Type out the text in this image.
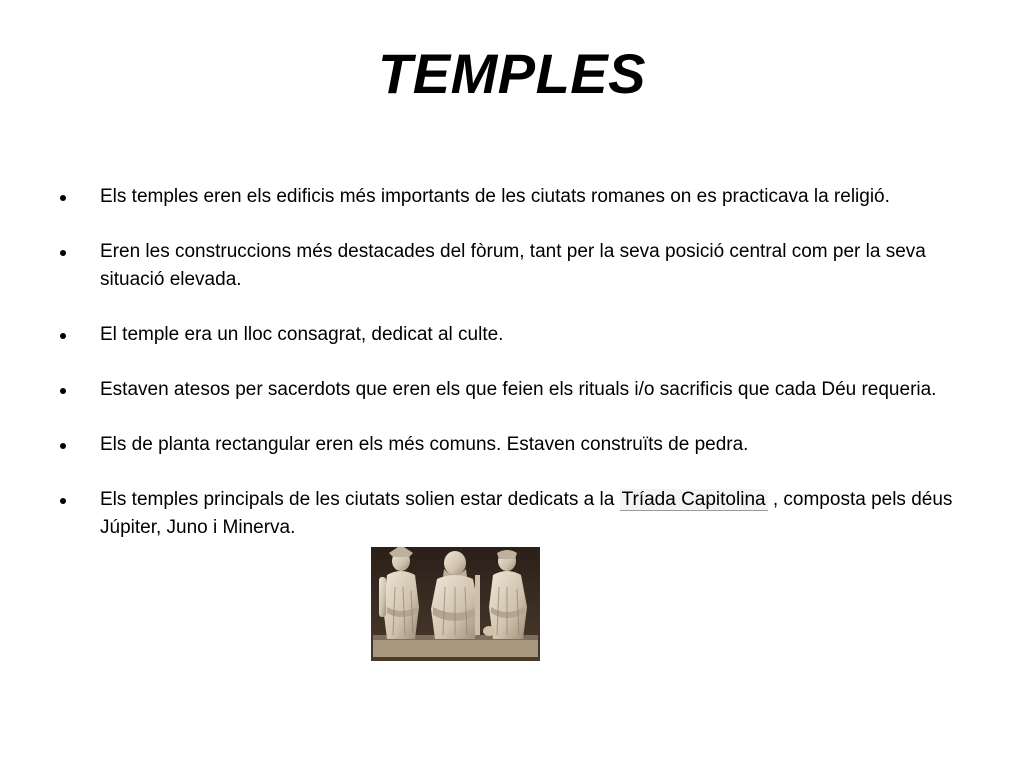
TEMPLES
Els temples eren els edificis més importants de les ciutats romanes on es practicava la religió.
Eren les construccions més destacades del fòrum, tant per la seva posició central com per la seva situació elevada.
El temple era un lloc consagrat, dedicat al culte.
Estaven atesos per sacerdots que eren els que feien els rituals i/o sacrificis que cada Déu requeria.
Els de planta rectangular eren els més comuns. Estaven construïts de pedra.
Els temples principals de les ciutats solien estar dedicats a la Tríada Capitolina , composta pels déus Júpiter, Juno i Minerva.
